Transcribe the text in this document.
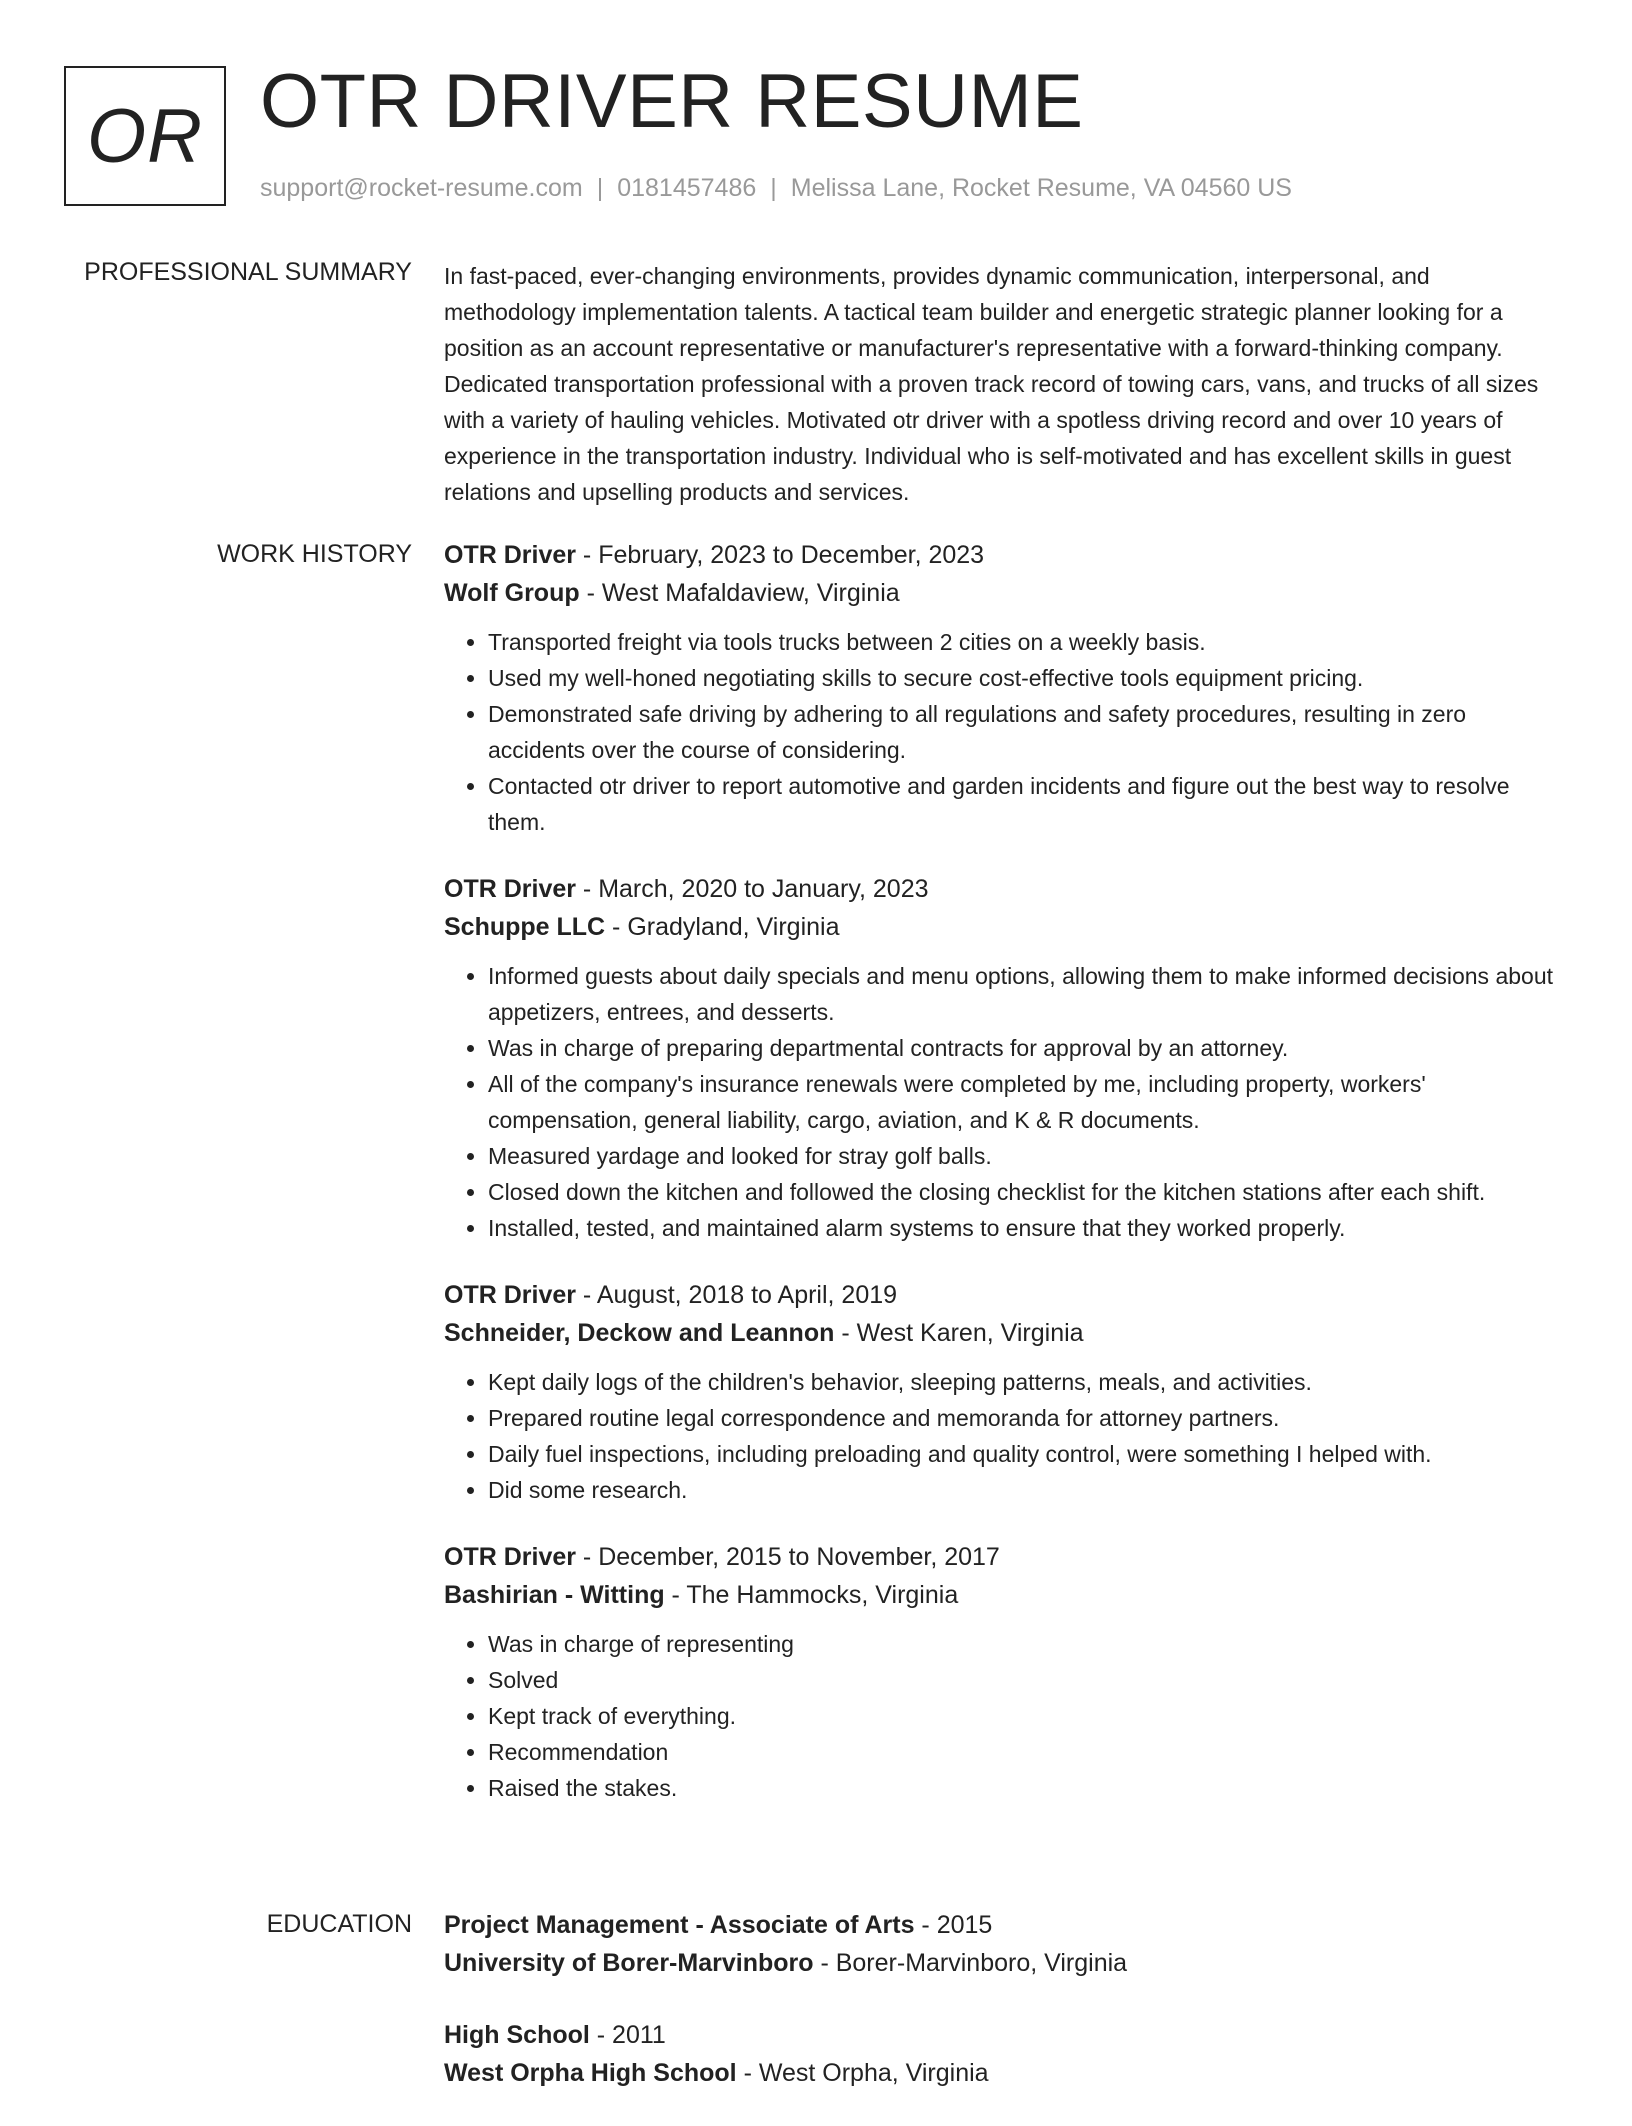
OR OTR DRIVER RESUME
support@rocket-resume.com | 0181457486 | Melissa Lane, Rocket Resume, VA 04560 US
PROFESSIONAL SUMMARY In fast-paced, ever-changing environments, provides dynamic communication, interpersonal, and methodology implementation talents. A tactical team builder and energetic strategic planner looking for a position as an account representative or manufacturer's representative with a forward-thinking company. Dedicated transportation professional with a proven track record of towing cars, vans, and trucks of all sizes with a variety of hauling vehicles. Motivated otr driver with a spotless driving record and over 10 years of experience in the transportation industry. Individual who is self-motivated and has excellent skills in guest relations and upselling products and services.

WORK HISTORY OTR Driver - February, 2023 to December, 2023
Wolf Group - West Mafaldaview, Virginia
• Transported freight via tools trucks between 2 cities on a weekly basis.
• Used my well-honed negotiating skills to secure cost-effective tools equipment pricing.
• Demonstrated safe driving by adhering to all regulations and safety procedures, resulting in zero accidents over the course of considering.
• Contacted otr driver to report automotive and garden incidents and figure out the best way to resolve them.
OTR Driver - March, 2020 to January, 2023
Schuppe LLC - Gradyland, Virginia
• Informed guests about daily specials and menu options, allowing them to make informed decisions about appetizers, entrees, and desserts.
• Was in charge of preparing departmental contracts for approval by an attorney.
• All of the company's insurance renewals were completed by me, including property, workers' compensation, general liability, cargo, aviation, and K & R documents.
• Measured yardage and looked for stray golf balls.
• Closed down the kitchen and followed the closing checklist for the kitchen stations after each shift.
• Installed, tested, and maintained alarm systems to ensure that they worked properly.
OTR Driver - August, 2018 to April, 2019
Schneider, Deckow and Leannon - West Karen, Virginia
• Kept daily logs of the children's behavior, sleeping patterns, meals, and activities.
• Prepared routine legal correspondence and memoranda for attorney partners.
• Daily fuel inspections, including preloading and quality control, were something I helped with.
• Did some research.
OTR Driver - December, 2015 to November, 2017
Bashirian - Witting - The Hammocks, Virginia
• Was in charge of representing
• Solved
• Kept track of everything.
• Recommendation
• Raised the stakes.
EDUCATION Project Management - Associate of Arts - 2015
University of Borer-Marvinboro - Borer-Marvinboro, Virginia
High School - 2011
West Orpha High School - West Orpha, Virginia
